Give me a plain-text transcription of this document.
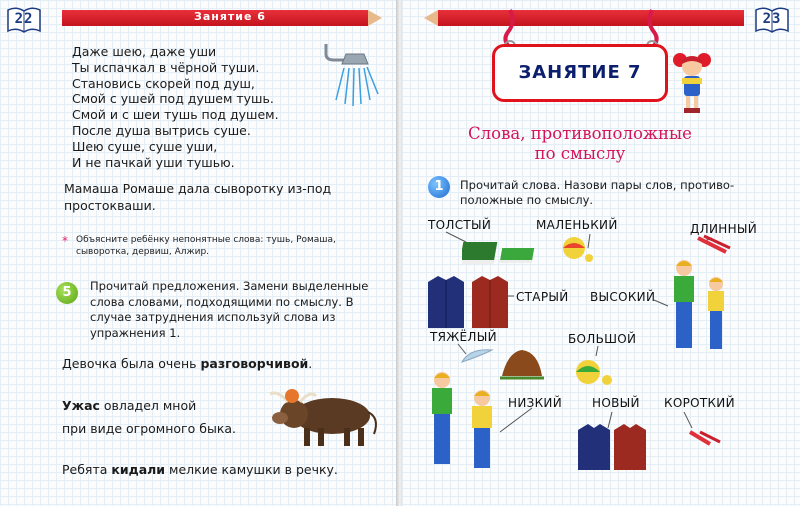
22	Занятие 6
Даже шею, даже уши
Ты испачкал в чёрной туши.
Становись скорей под душ,
Смой с ушей под душем тушь.
Смой и с шеи тушь под душем.
После душа вытрись суше.
Шею суше, суше уши,
И не пачкай уши тушью.
Мамаша Ромаше дала сыворотку из-под
простокваши.
* Объясните ребёнку непонятные слова: тушь, Ромаша, сыворотка, дервиш, Алжир.
5	Прочитай предложения. Замени выделенные слова словами, подходящими по смыслу. В случае затруднения используй слова из упражнения 1.
Девочка была очень разговорчивой.
Ужас овладел мной
при виде огромного быка.
Ребята кидали мелкие камушки в речку.
23
ЗАНЯТИЕ 7
Слова, противоположные
по смыслу
1	Прочитай слова. Назови пары слов, противо-положные по смыслу.
ТОЛСТЫЙ	МАЛЕНЬКИЙ	ДЛИННЫЙ
СТАРЫЙ ВЫСОКИЙ
ТЯЖЁЛЫЙ	БОЛЬШОЙ
НИЗКИЙ	НОВЫЙ КОРОТКИЙ
